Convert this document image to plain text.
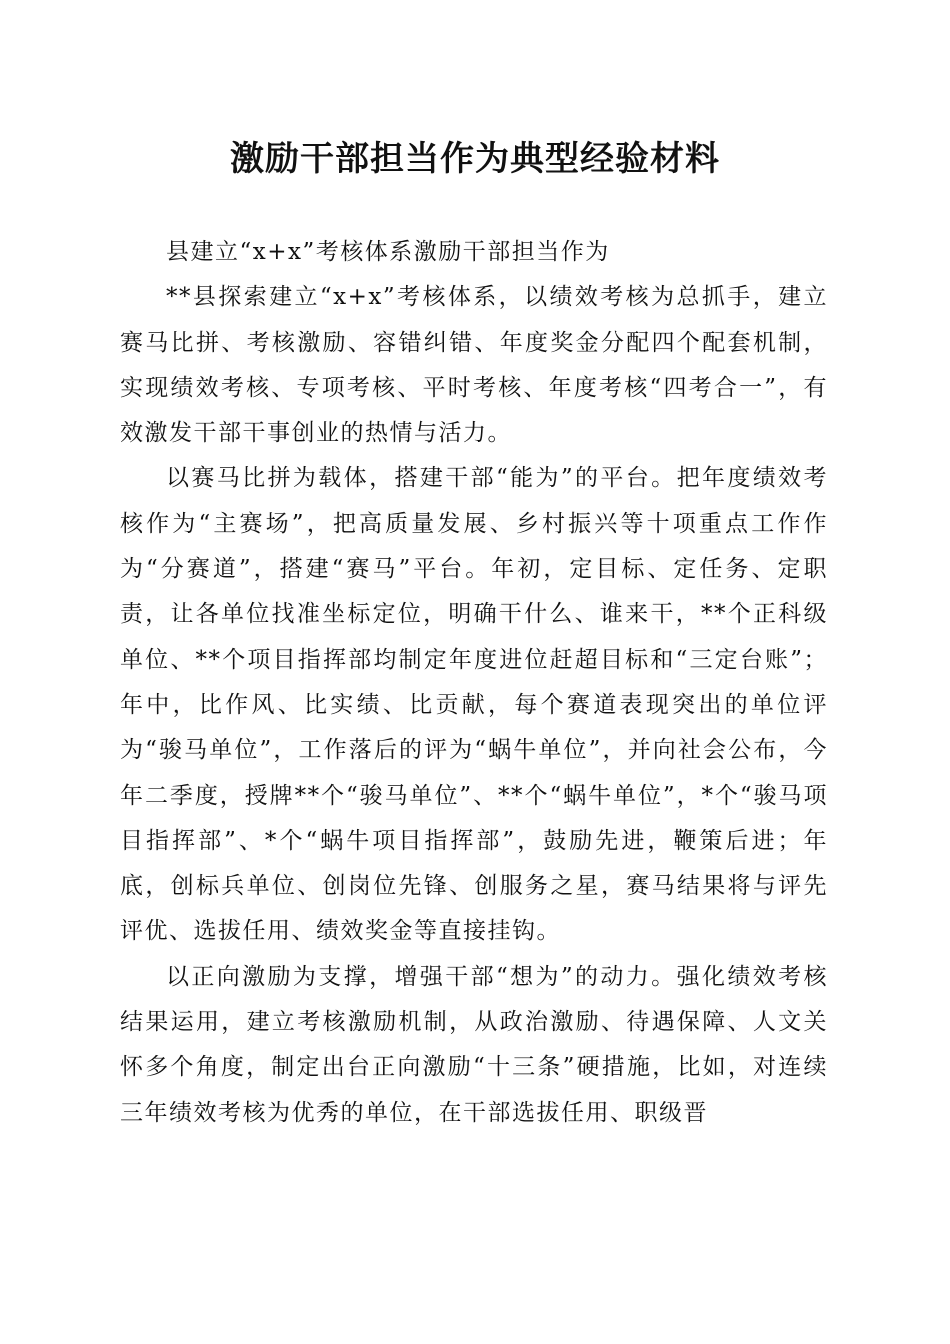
激励干部担当作为典型经验材料

县建立“x+x”考核体系激励干部担当作为

**县探索建立“x+x”考核体系，以绩效考核为总抓手，建立赛马比拼、考核激励、容错纠错、年度奖金分配四个配套机制，实现绩效考核、专项考核、平时考核、年度考核“四考合一”，有效激发干部干事创业的热情与活力。

以赛马比拼为载体，搭建干部“能为”的平台。把年度绩效考核作为“主赛场”，把高质量发展、乡村振兴等十项重点工作作为“分赛道”，搭建“赛马”平台。年初，定目标、定任务、定职责，让各单位找准坐标定位，明确干什么、谁来干，**个正科级单位、**个项目指挥部均制定年度进位赶超目标和“三定台账”；年中，比作风、比实绩、比贡献，每个赛道表现突出的单位评为“骏马单位”，工作落后的评为“蜗牛单位”，并向社会公布，今年二季度，授牌**个“骏马单位”、**个“蜗牛单位”，*个“骏马项目指挥部”、*个“蜗牛项目指挥部”，鼓励先进，鞭策后进；年底，创标兵单位、创岗位先锋、创服务之星，赛马结果将与评先评优、选拔任用、绩效奖金等直接挂钩。

以正向激励为支撑，增强干部“想为”的动力。强化绩效考核结果运用，建立考核激励机制，从政治激励、待遇保障、人文关怀多个角度，制定出台正向激励“十三条”硬措施，比如，对连续三年绩效考核为优秀的单位，在干部选拔任用、职级晋
